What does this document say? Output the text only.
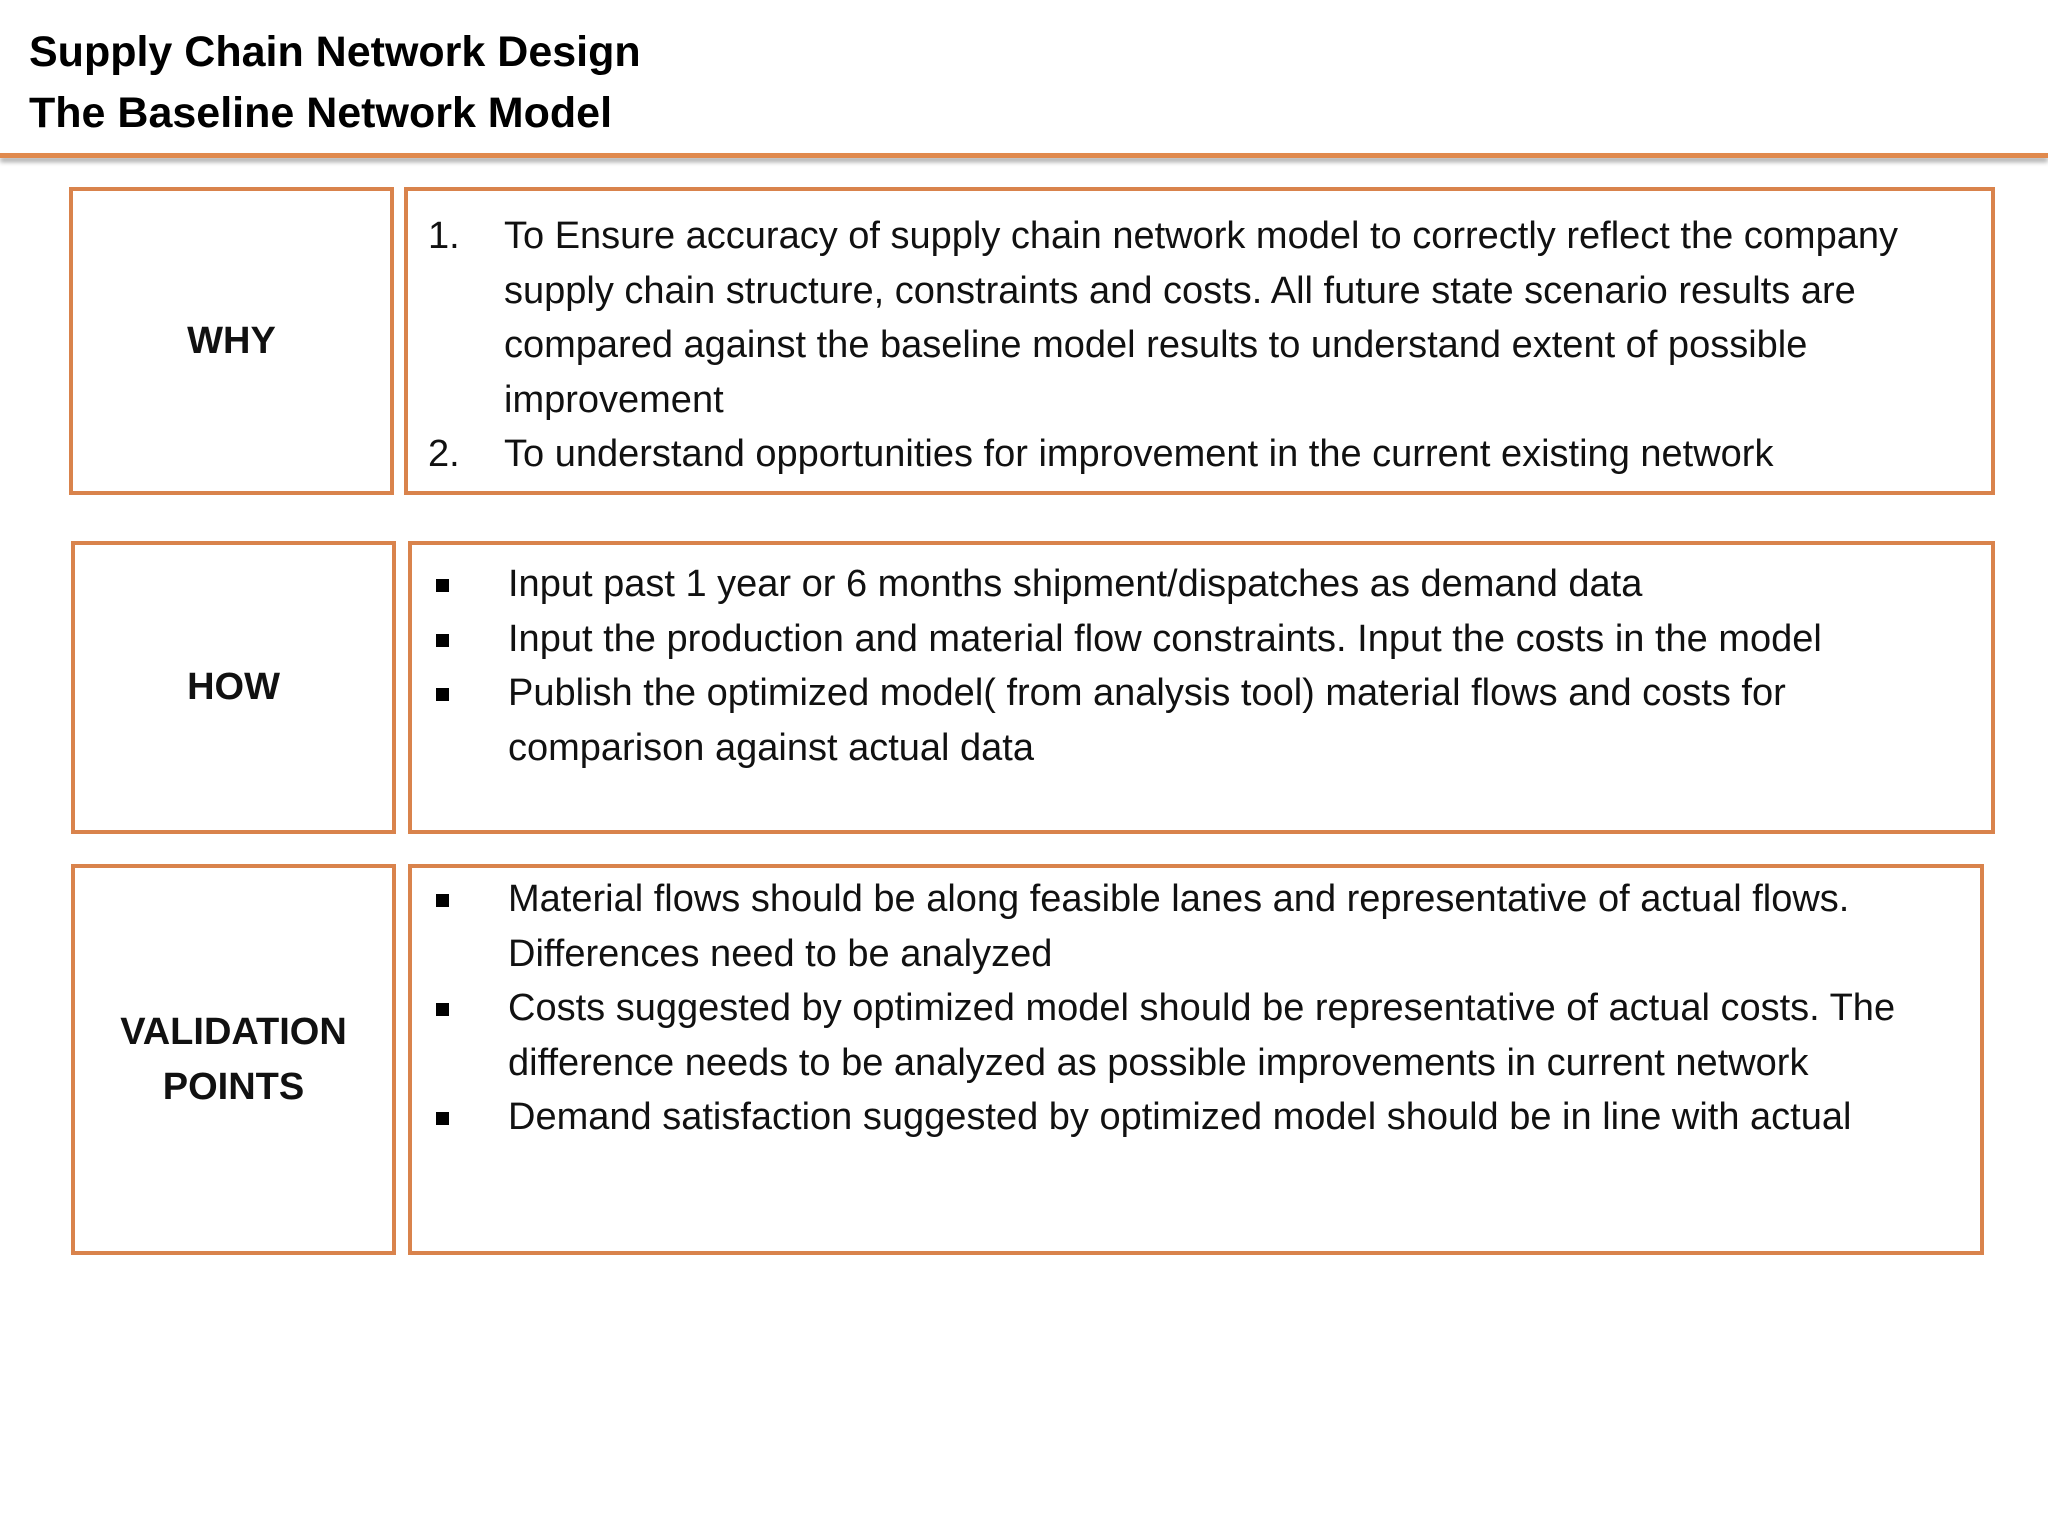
Supply Chain Network Design
The Baseline Network Model
WHY
1. To Ensure accuracy of supply chain network model to correctly reflect the company supply chain structure, constraints and costs. All future state scenario results are compared against the baseline model results to understand extent of possible improvement
2. To understand opportunities for improvement in the current existing network
HOW
Input past 1 year or 6 months shipment/dispatches as demand data
Input the production and material flow constraints. Input the costs in the model
Publish the optimized model( from analysis tool) material flows and costs for comparison against actual data
VALIDATION
POINTS
Material flows should be along feasible lanes and representative of actual flows. Differences need to be analyzed
Costs suggested by optimized model should be representative of actual costs. The difference needs to be analyzed as possible improvements in current network
Demand satisfaction suggested by optimized model should be in line with actual
